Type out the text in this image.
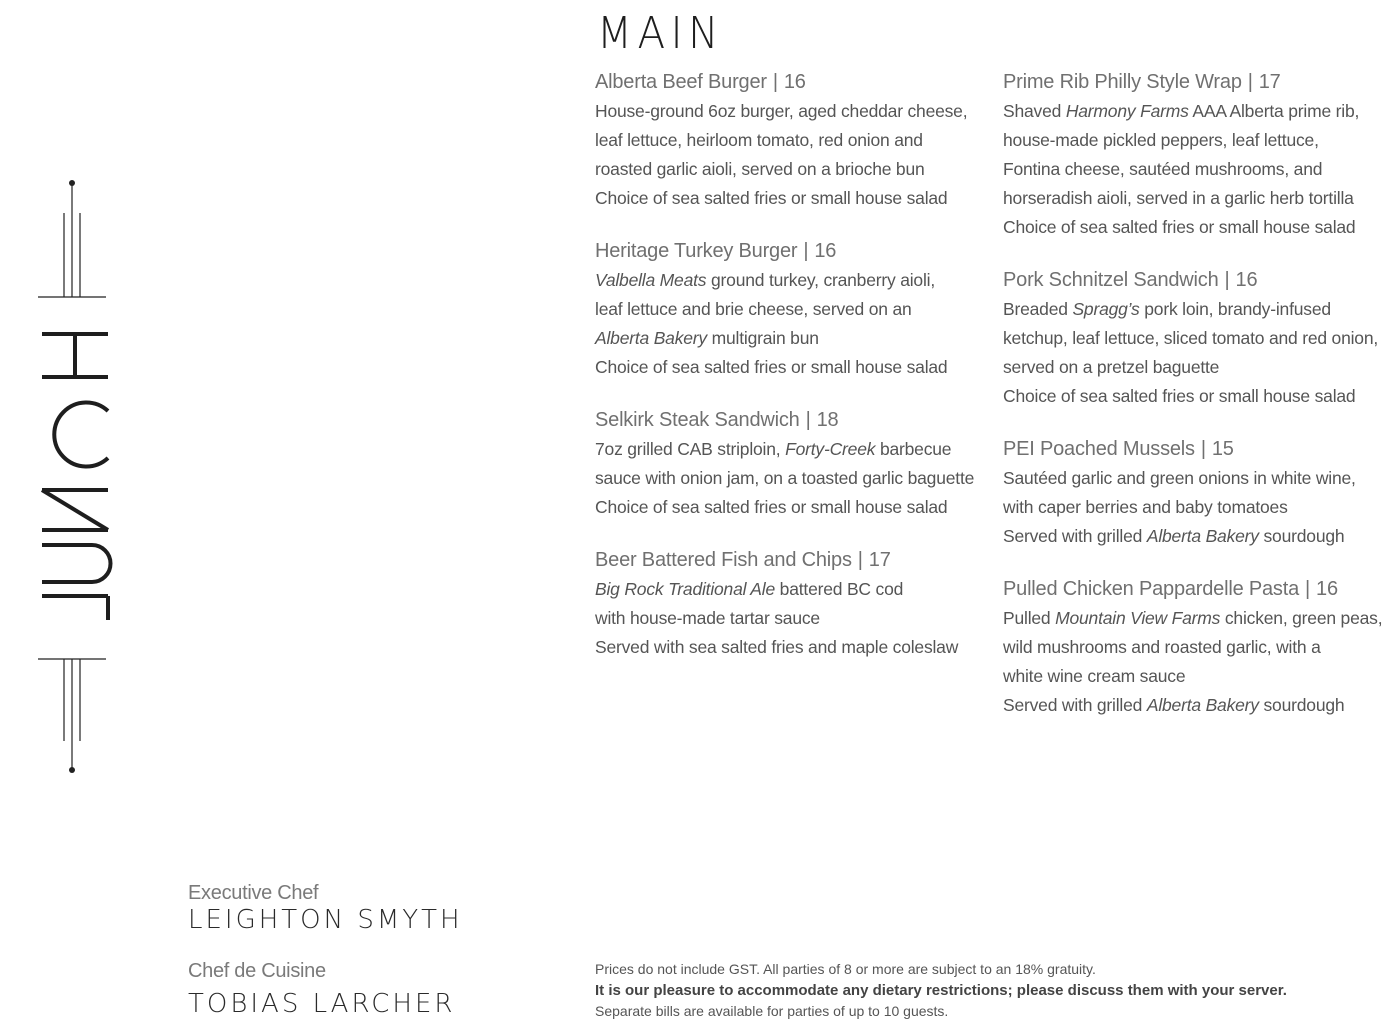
MAIN
Alberta Beef Burger | 16
House-ground 6oz burger, aged cheddar cheese,
leaf lettuce, heirloom tomato, red onion and
roasted garlic aioli, served on a brioche bun
Choice of sea salted fries or small house salad
Heritage Turkey Burger | 16
Valbella Meats ground turkey, cranberry aioli,
leaf lettuce and brie cheese, served on an
Alberta Bakery multigrain bun
Choice of sea salted fries or small house salad
Selkirk Steak Sandwich | 18
7oz grilled CAB striploin, Forty-Creek barbecue
sauce with onion jam, on a toasted garlic baguette
Choice of sea salted fries or small house salad
Beer Battered Fish and Chips | 17
Big Rock Traditional Ale battered BC cod
with house-made tartar sauce
Served with sea salted fries and maple coleslaw
Prime Rib Philly Style Wrap | 17
Shaved Harmony Farms AAA Alberta prime rib,
house-made pickled peppers, leaf lettuce,
Fontina cheese, sautéed mushrooms, and
horseradish aioli, served in a garlic herb tortilla
Choice of sea salted fries or small house salad
Pork Schnitzel Sandwich | 16
Breaded Spragg’s pork loin, brandy-infused
ketchup, leaf lettuce, sliced tomato and red onion,
served on a pretzel baguette
Choice of sea salted fries or small house salad
PEI Poached Mussels | 15
Sautéed garlic and green onions in white wine,
with caper berries and baby tomatoes
Served with grilled Alberta Bakery sourdough
Pulled Chicken Pappardelle Pasta | 16
Pulled Mountain View Farms chicken, green peas,
wild mushrooms and roasted garlic, with a
white wine cream sauce
Served with grilled Alberta Bakery sourdough
Executive Chef
LEIGHTON SMYTH
Chef de Cuisine
TOBIAS LARCHER
Prices do not include GST. All parties of 8 or more are subject to an 18% gratuity.
It is our pleasure to accommodate any dietary restrictions; please discuss them with your server.
Separate bills are available for parties of up to 10 guests.
